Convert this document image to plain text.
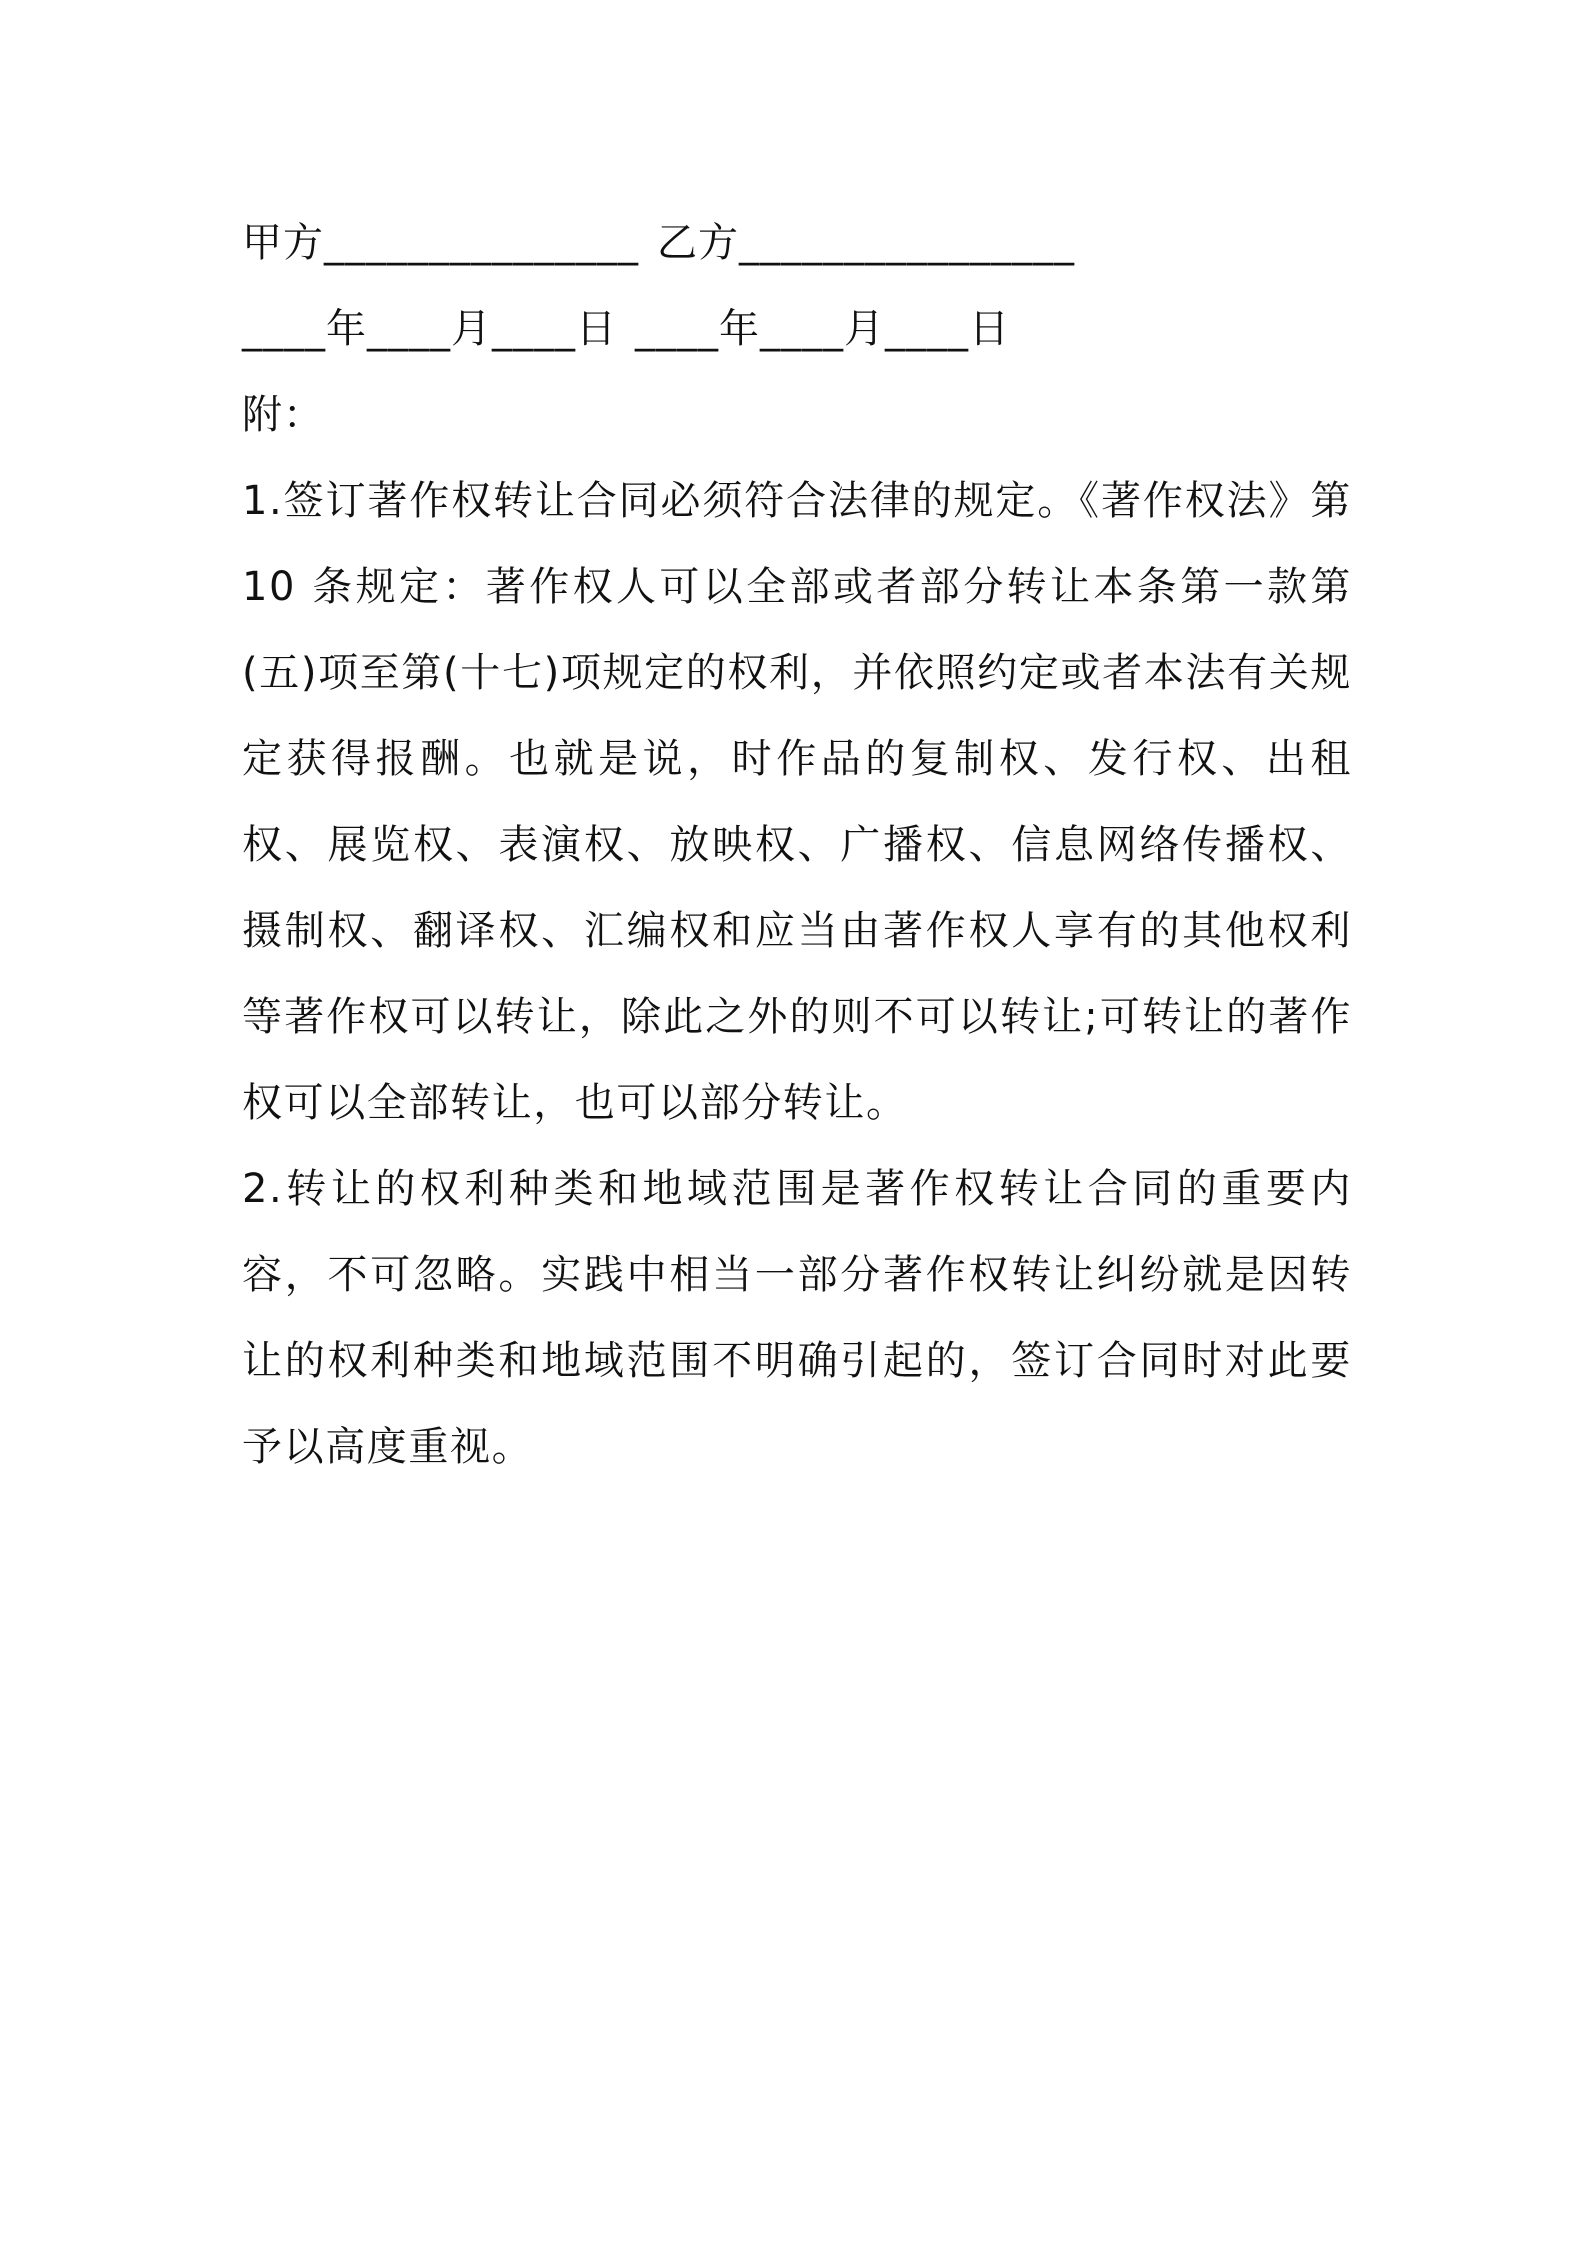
甲方_______________ 乙方________________
____年____月____日 ____年____月____日
附：

1.签订著作权转让合同必须符合法律的规定。《著作权法》第10 条规定：著作权人可以全部或者部分转让本条第一款第(五)项至第(十七)项规定的权利，并依照约定或者本法有关规定获得报酬。也就是说，时作品的复制权、发行权、出租权、展览权、表演权、放映权、广播权、信息网络传播权、摄制权、翻译权、汇编权和应当由著作权人享有的其他权利等著作权可以转让，除此之外的则不可以转让;可转让的著作权可以全部转让，也可以部分转让。

2.转让的权利种类和地域范围是著作权转让合同的重要内容，不可忽略。实践中相当一部分著作权转让纠纷就是因转让的权利种类和地域范围不明确引起的，签订合同时对此要予以高度重视。
